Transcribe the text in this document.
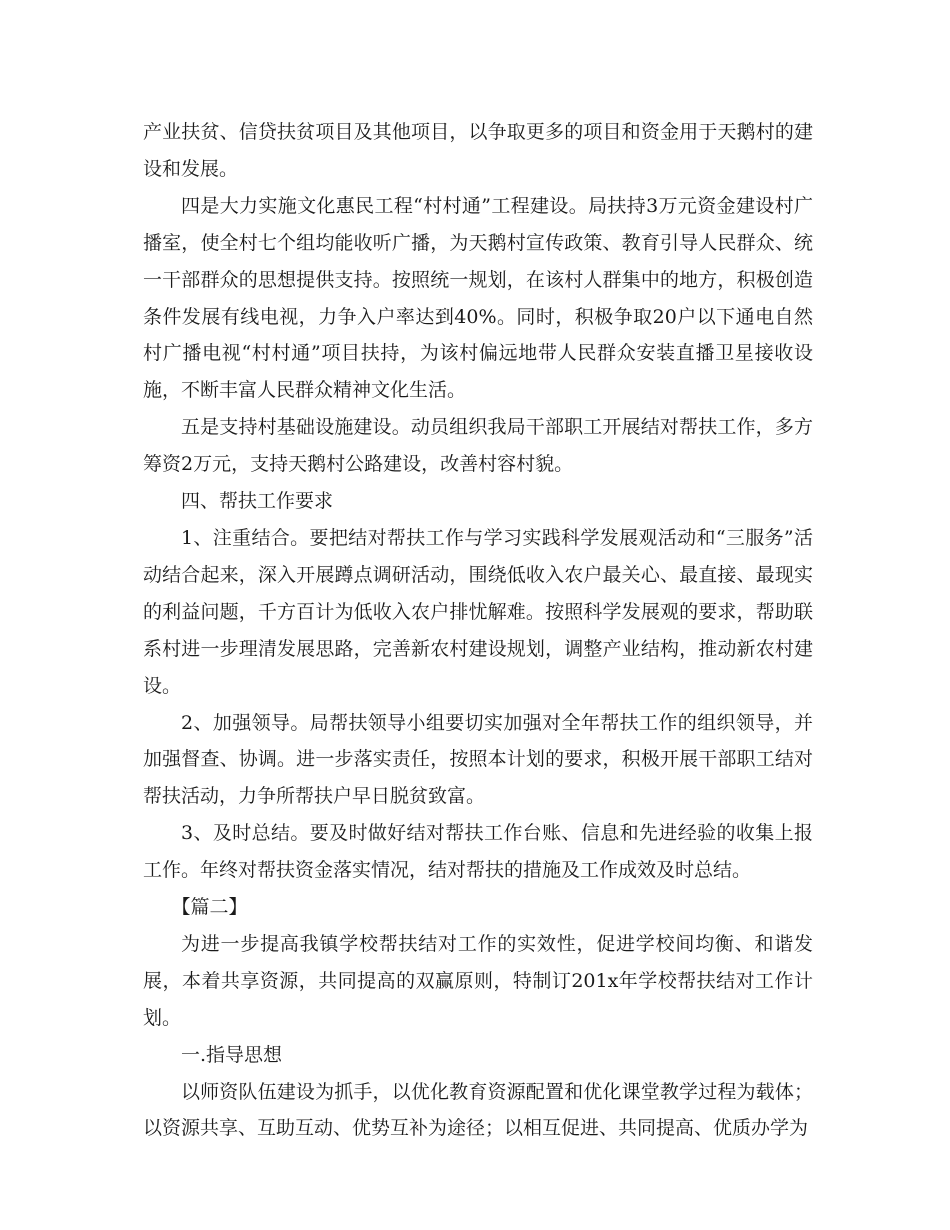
产业扶贫、信贷扶贫项目及其他项目，以争取更多的项目和资金用于天鹅村的建设和发展。

四是大力实施文化惠民工程“村村通”工程建设。局扶持3万元资金建设村广播室，使全村七个组均能收听广播，为天鹅村宣传政策、教育引导人民群众、统一干部群众的思想提供支持。按照统一规划，在该村人群集中的地方，积极创造条件发展有线电视，力争入户率达到40%。同时，积极争取20户以下通电自然村广播电视“村村通”项目扶持，为该村偏远地带人民群众安装直播卫星接收设施，不断丰富人民群众精神文化生活。

五是支持村基础设施建设。动员组织我局干部职工开展结对帮扶工作，多方筹资2万元，支持天鹅村公路建设，改善村容村貌。

四、帮扶工作要求

1、注重结合。要把结对帮扶工作与学习实践科学发展观活动和“三服务”活动结合起来，深入开展蹲点调研活动，围绕低收入农户最关心、最直接、最现实的利益问题，千方百计为低收入农户排忧解难。按照科学发展观的要求，帮助联系村进一步理清发展思路，完善新农村建设规划，调整产业结构，推动新农村建设。

2、加强领导。局帮扶领导小组要切实加强对全年帮扶工作的组织领导，并加强督查、协调。进一步落实责任，按照本计划的要求，积极开展干部职工结对帮扶活动，力争所帮扶户早日脱贫致富。

3、及时总结。要及时做好结对帮扶工作台账、信息和先进经验的收集上报工作。年终对帮扶资金落实情况，结对帮扶的措施及工作成效及时总结。

【篇二】

为进一步提高我镇学校帮扶结对工作的实效性，促进学校间均衡、和谐发展，本着共享资源，共同提高的双赢原则，特制订201x年学校帮扶结对工作计划。

一.指导思想

以师资队伍建设为抓手，以优化教育资源配置和优化课堂教学过程为载体；以资源共享、互助互动、优势互补为途径；以相互促进、共同提高、优质办学为
